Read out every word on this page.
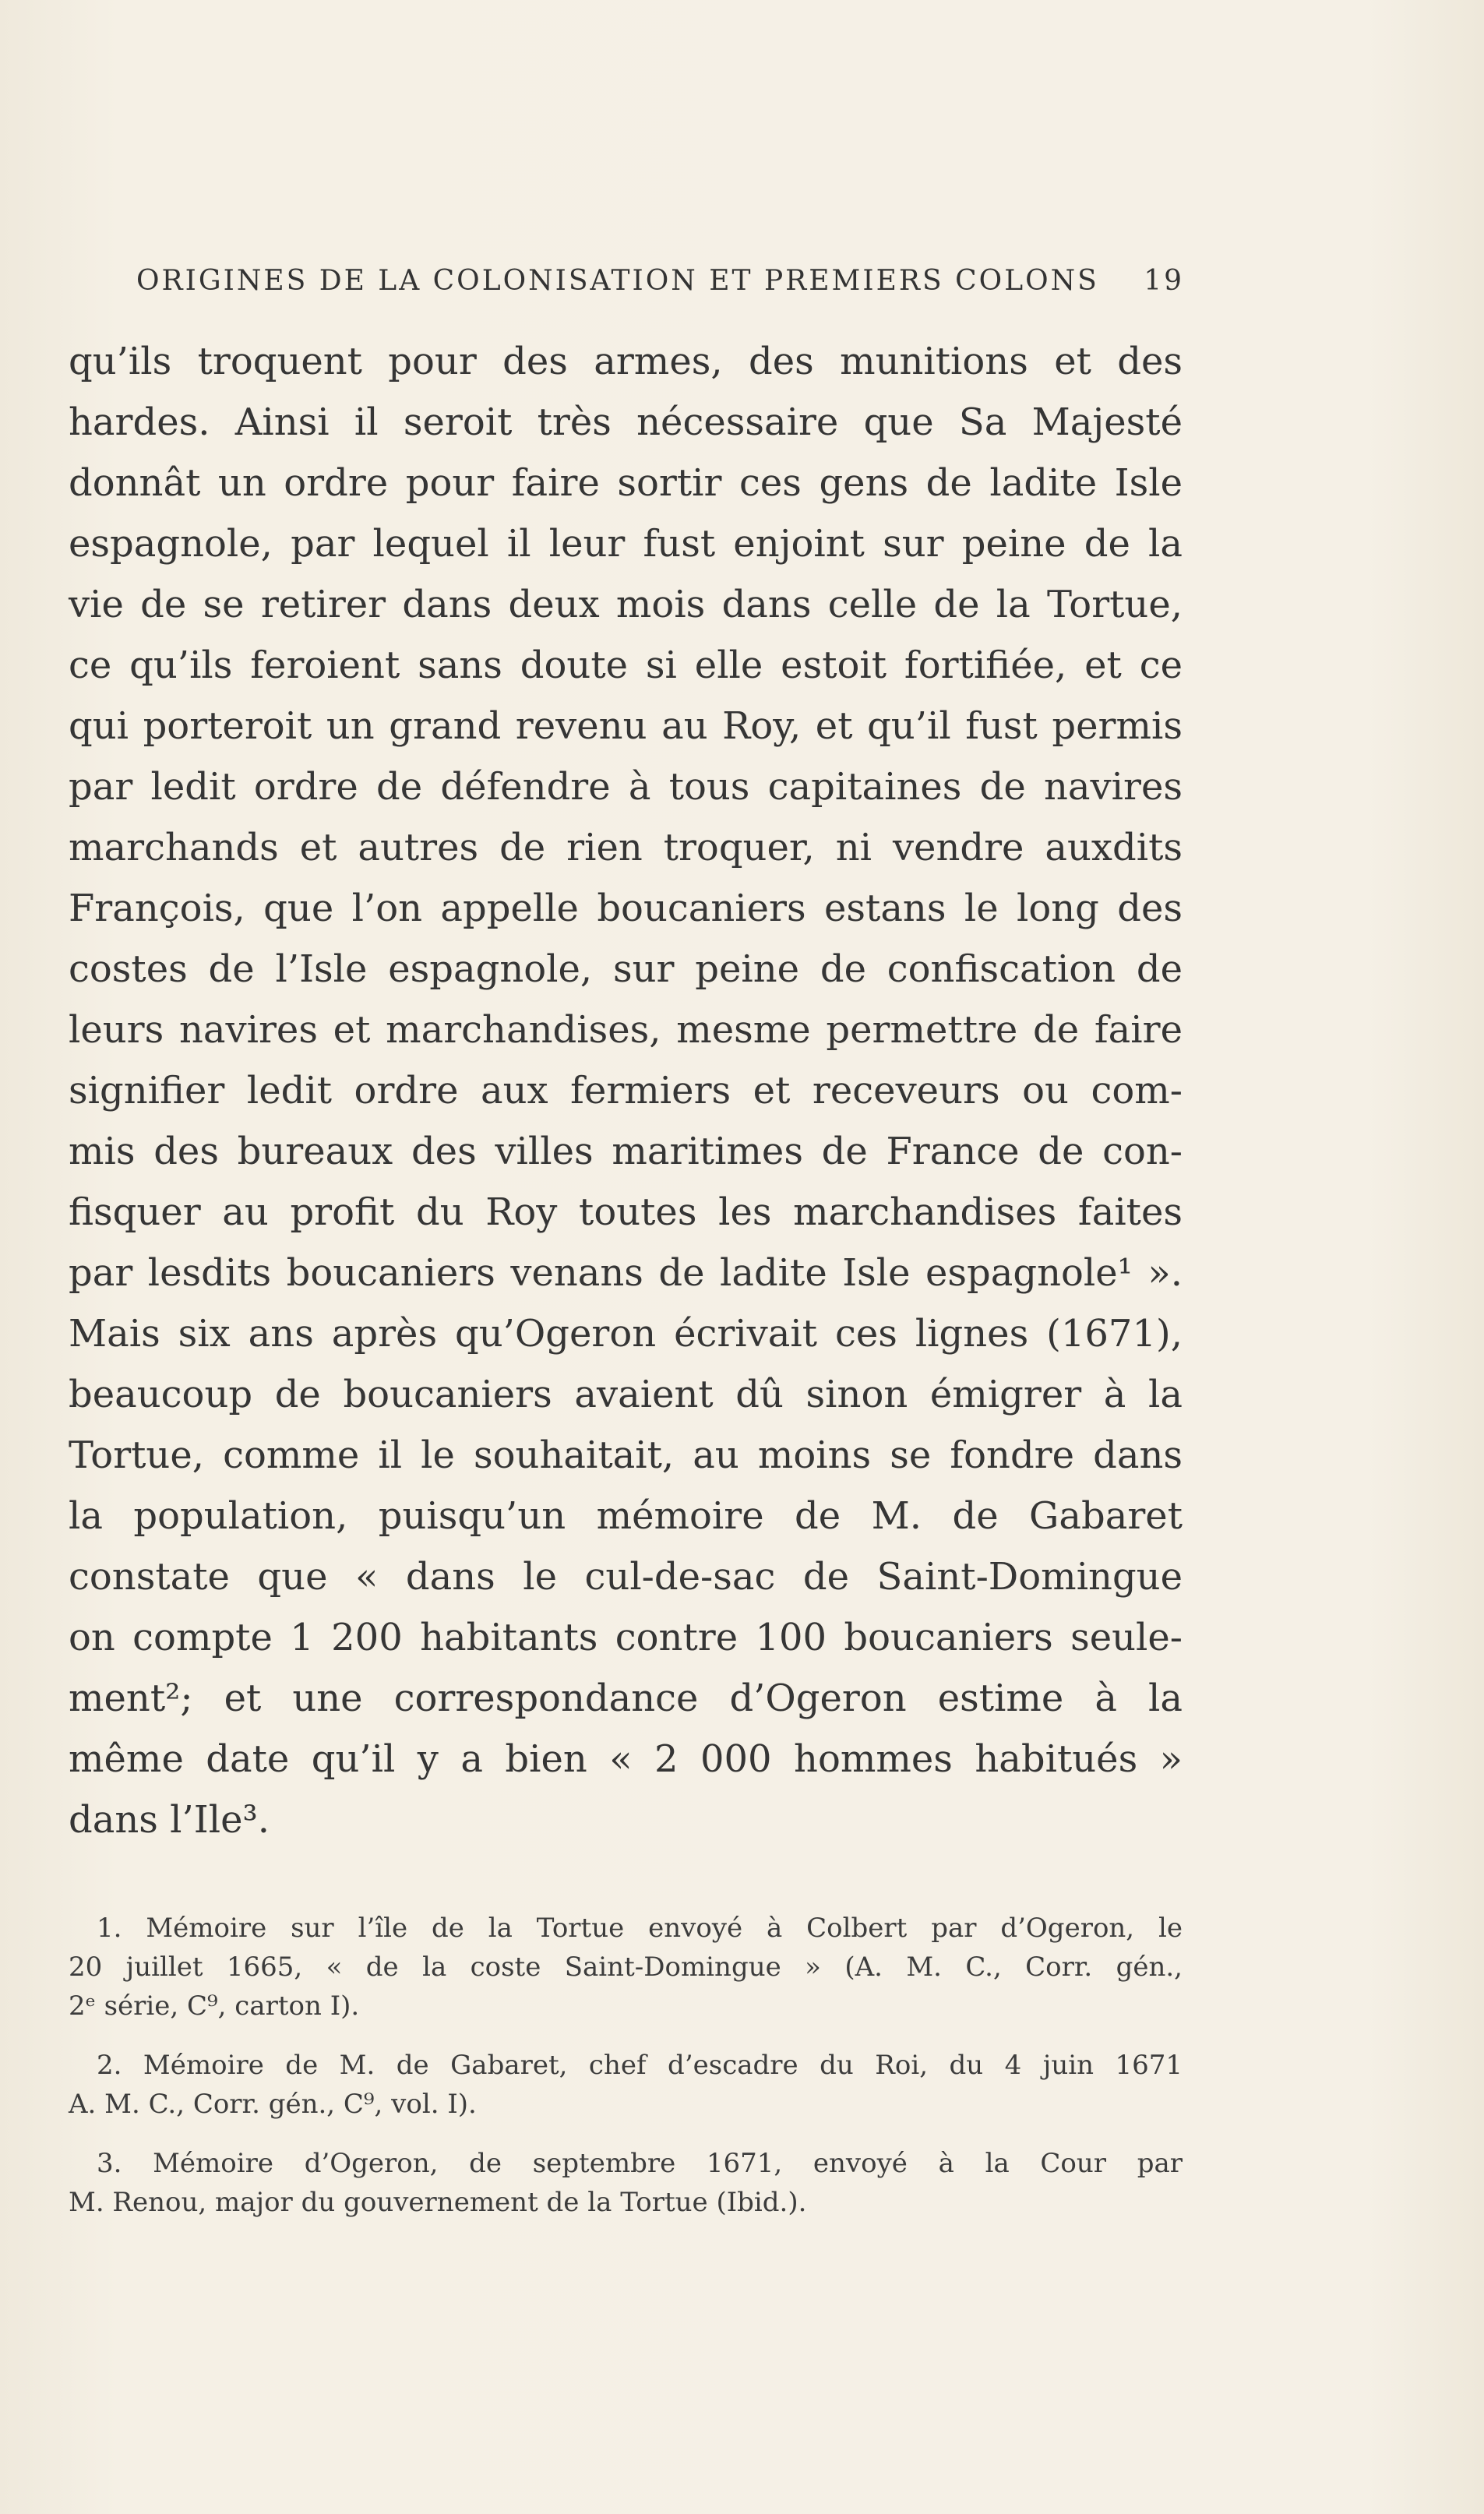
ORIGINES DE LA COLONISATION ET PREMIERS COLONS 19
qu’ils troquent pour des armes, des munitions et des
hardes. Ainsi il seroit très nécessaire que Sa Majesté
donnât un ordre pour faire sortir ces gens de ladite Isle
espagnole, par lequel il leur fust enjoint sur peine de la
vie de se retirer dans deux mois dans celle de la Tortue,
ce qu’ils feroient sans doute si elle estoit fortifiée, et ce
qui porteroit un grand revenu au Roy, et qu’il fust permis
par ledit ordre de défendre à tous capitaines de navires
marchands et autres de rien troquer, ni vendre auxdits
François, que l’on appelle boucaniers estans le long des
costes de l’Isle espagnole, sur peine de confiscation de
leurs navires et marchandises, mesme permettre de faire
signifier ledit ordre aux fermiers et receveurs ou com-
mis des bureaux des villes maritimes de France de con-
fisquer au profit du Roy toutes les marchandises faites
par lesdits boucaniers venans de ladite Isle espagnole¹ ».
Mais six ans après qu’Ogeron écrivait ces lignes (1671),
beaucoup de boucaniers avaient dû sinon émigrer à la
Tortue, comme il le souhaitait, au moins se fondre dans
la population, puisqu’un mémoire de M. de Gabaret
constate que « dans le cul-de-sac de Saint-Domingue
on compte 1 200 habitants contre 100 boucaniers seule-
ment²; et une correspondance d’Ogeron estime à la
même date qu’il y a bien « 2 000 hommes habitués »
dans l’Ile³.
1. Mémoire sur l’île de la Tortue envoyé à Colbert par d’Ogeron, le
20 juillet 1665, « de la coste Saint-Domingue » (A. M. C., Corr. gén.,
2ᵉ série, C⁹, carton I).
2. Mémoire de M. de Gabaret, chef d’escadre du Roi, du 4 juin 1671
A. M. C., Corr. gén., C⁹, vol. I).
3. Mémoire d’Ogeron, de septembre 1671, envoyé à la Cour par
M. Renou, major du gouvernement de la Tortue (Ibid.).
